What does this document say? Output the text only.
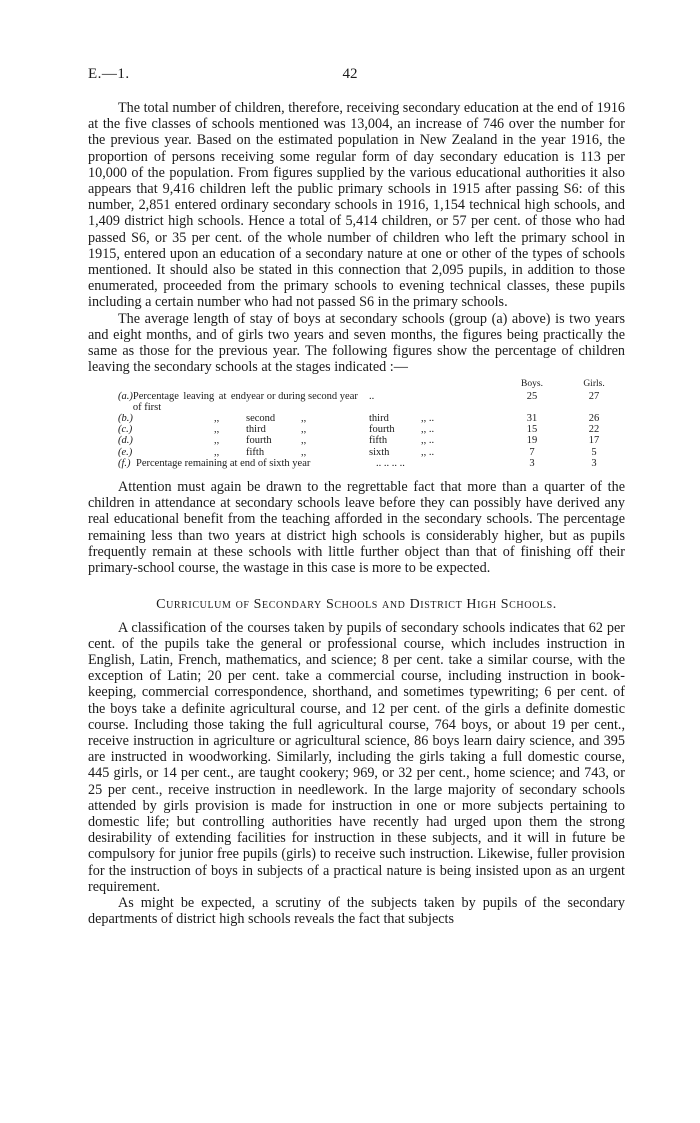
E.—1.	42

The total number of children, therefore, receiving secondary education at the end of 1916 at the five classes of schools mentioned was 13,004, an increase of 746 over the number for the previous year. Based on the estimated population in New Zealand in the year 1916, the proportion of persons receiving some regular form of day secondary education is 113 per 10,000 of the population. From figures supplied by the various educational authorities it also appears that 9,416 children left the public primary schools in 1915 after passing S6: of this number, 2,851 entered ordinary secondary schools in 1916, 1,154 technical high schools, and 1,409 district high schools. Hence a total of 5,414 children, or 57 per cent. of those who had passed S6, or 35 per cent. of the whole number of children who left the primary school in 1915, entered upon an education of a secondary nature at one or other of the types of schools mentioned. It should also be stated in this connection that 2,095 pupils, in addition to those enumerated, proceeded from the primary schools to evening technical classes, these pupils including a certain number who had not passed S6 in the primary schools.

The average length of stay of boys at secondary schools (group (a) above) is two years and eight months, and of girls two years and seven months, the figures being practically the same as those for the previous year. The following figures show the percentage of children leaving the secondary schools at the stages indicated :—

Boys.	Girls.
(a.) Percentage leaving at end of first
year or during second year	..	25	27
(b.)	,,	second	,,	third	,, ..	31	26
(c.)	,,	third	,,	fourth	,, ..	15	22
(d.)	,,	fourth	,,	fifth	,, ..	19	17
(e.)	,,	fifth	,,	sixth	,, ..	7	5
(f.) Percentage remaining at end of sixth year	.. .. .. ..	3	3

Attention must again be drawn to the regrettable fact that more than a quarter of the children in attendance at secondary schools leave before they can possibly have derived any real educational benefit from the teaching afforded in the secondary schools. The percentage remaining less than two years at district high schools is considerably higher, but as pupils frequently remain at these schools with little further object than that of finishing off their primary-school course, the wastage in this case is more to be expected.

Curriculum of Secondary Schools and District High Schools.

A classification of the courses taken by pupils of secondary schools indicates that 62 per cent. of the pupils take the general or professional course, which includes instruction in English, Latin, French, mathematics, and science; 8 per cent. take a similar course, with the exception of Latin; 20 per cent. take a commercial course, including instruction in book-keeping, commercial correspondence, shorthand, and sometimes typewriting; 6 per cent. of the boys take a definite agricultural course, and 12 per cent. of the girls a definite domestic course. Including those taking the full agricultural course, 764 boys, or about 19 per cent., receive instruction in agriculture or agricultural science, 86 boys learn dairy science, and 395 are instructed in woodworking. Similarly, including the girls taking a full domestic course, 445 girls, or 14 per cent., are taught cookery; 969, or 32 per cent., home science; and 743, or 25 per cent., receive instruction in needlework. In the large majority of secondary schools attended by girls provision is made for instruction in one or more subjects pertaining to domestic life; but controlling authorities have recently had urged upon them the strong desirability of extending facilities for instruction in these subjects, and it will in future be compulsory for junior free pupils (girls) to receive such instruction. Likewise, fuller provision for the instruction of boys in subjects of a practical nature is being insisted upon as an urgent requirement.

As might be expected, a scrutiny of the subjects taken by pupils of the secondary departments of district high schools reveals the fact that subjects
